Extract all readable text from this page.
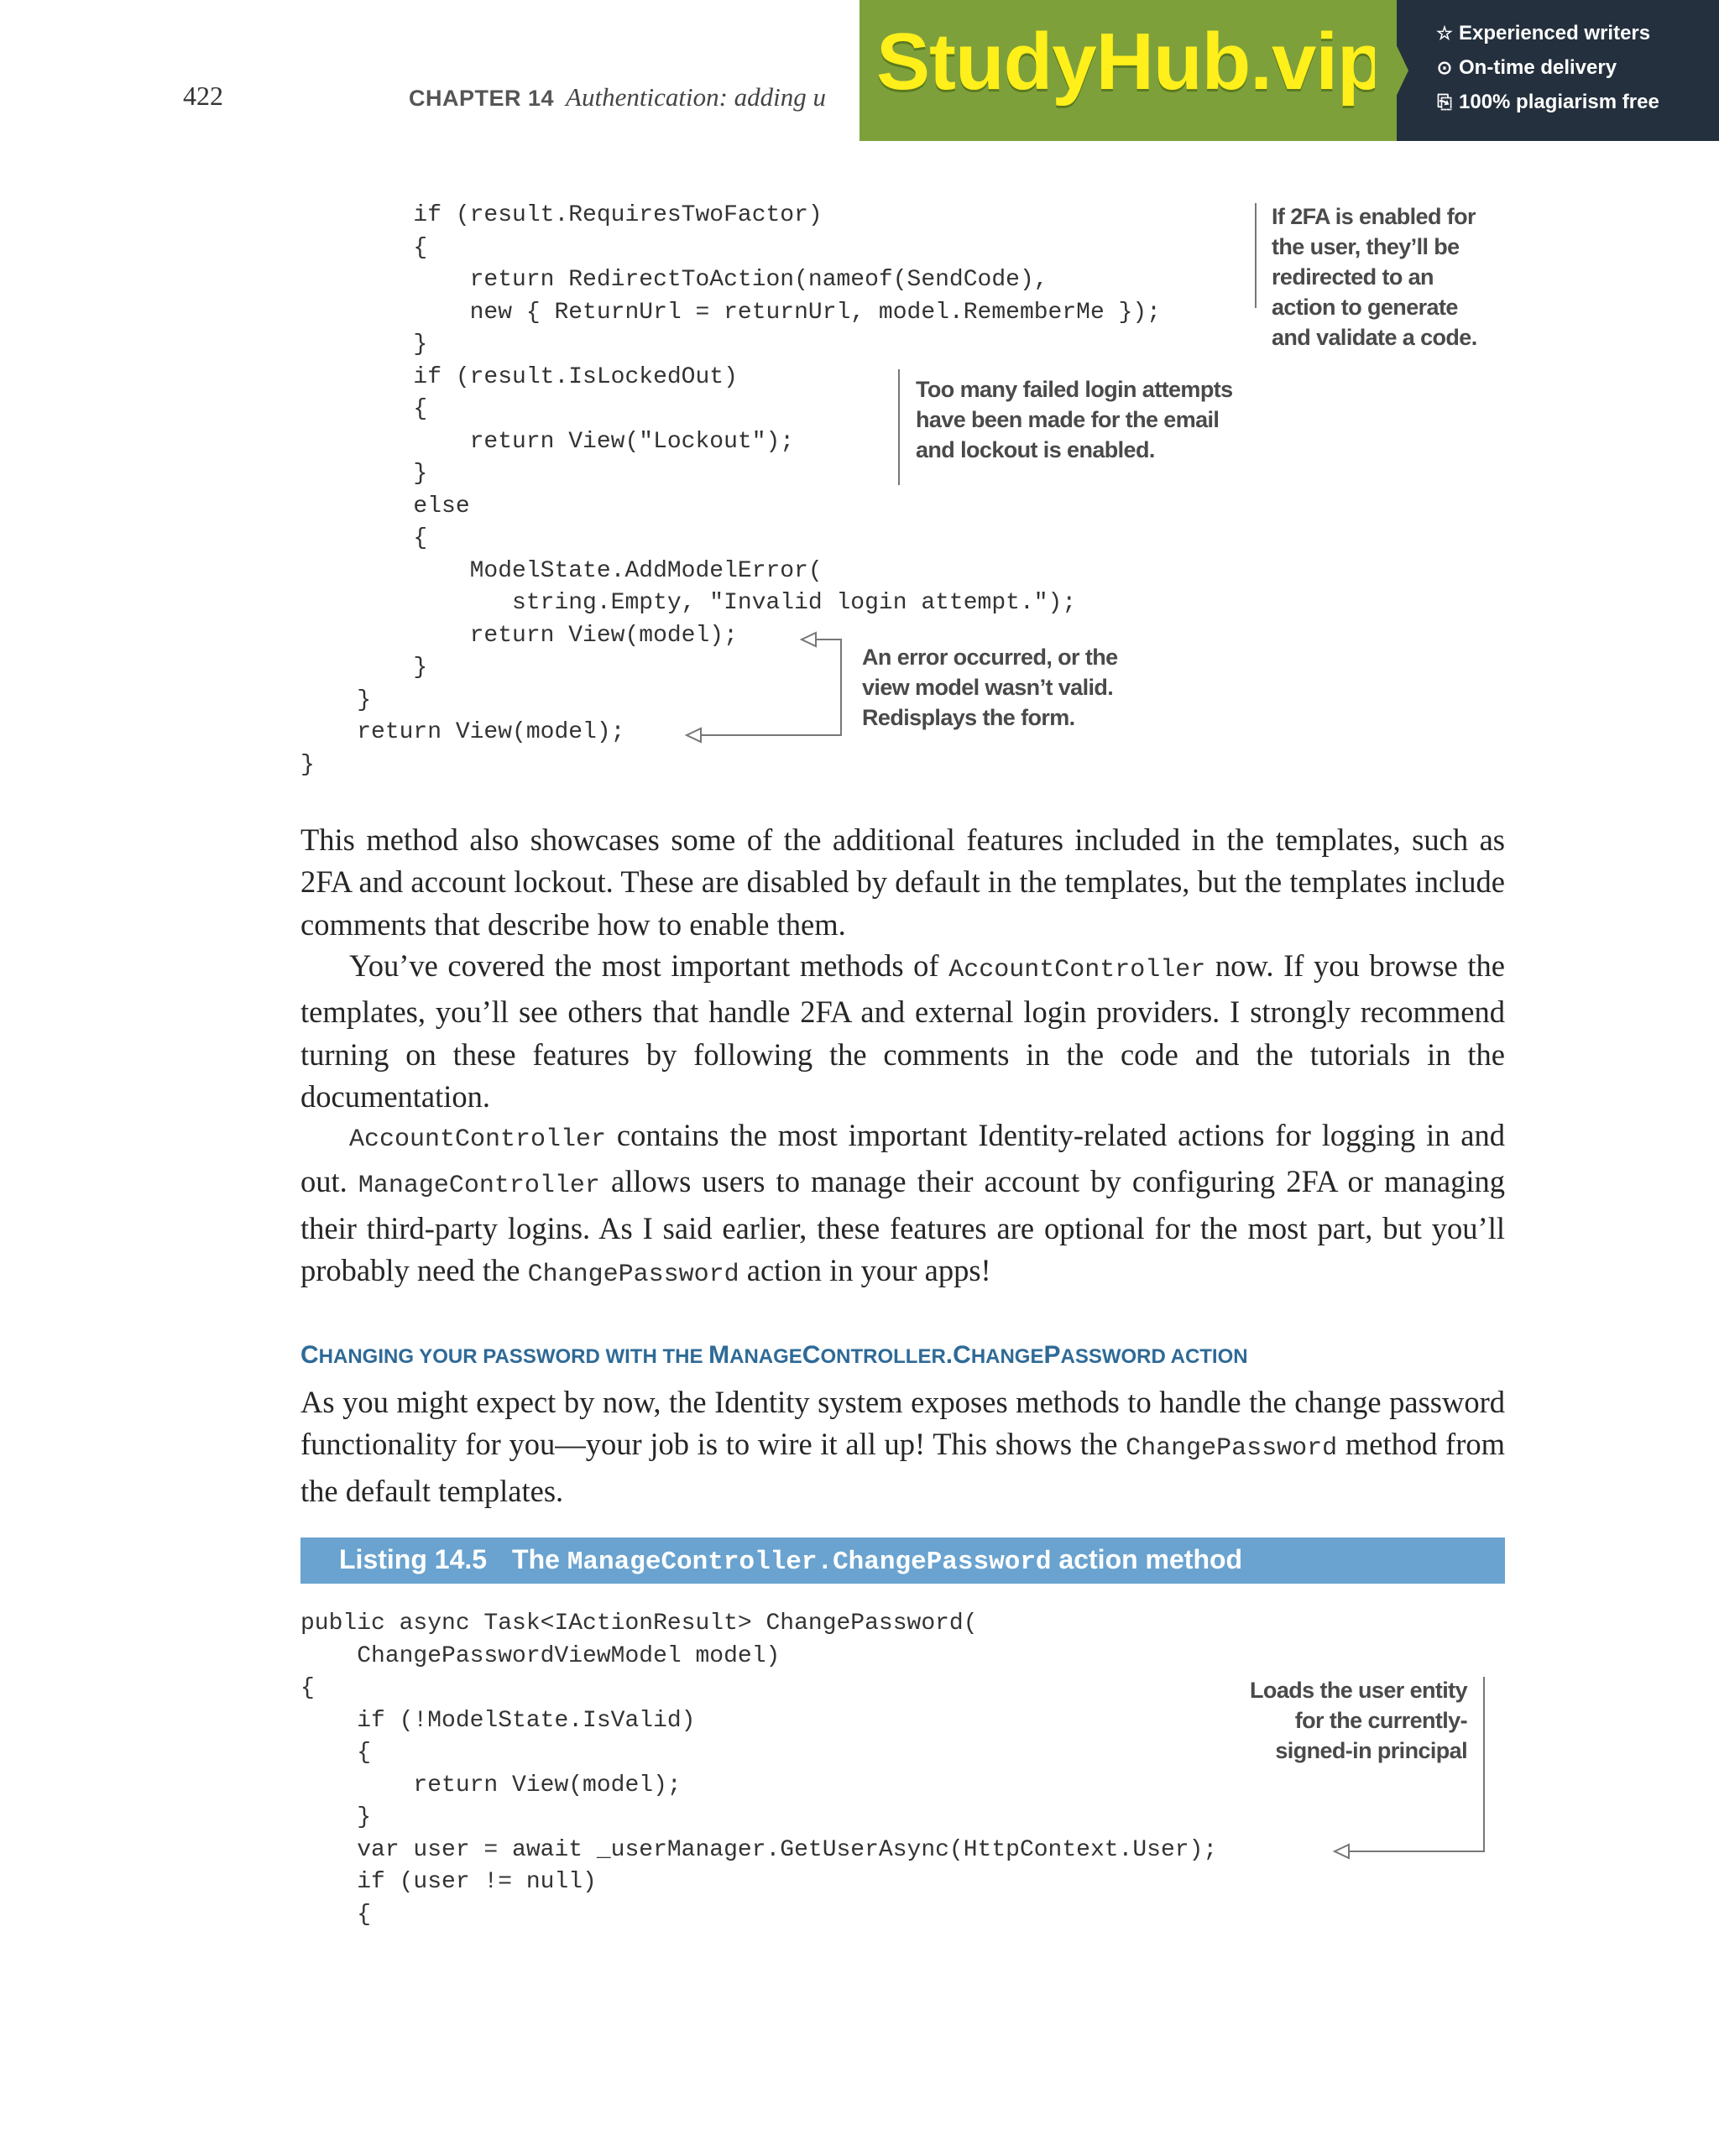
422	CHAPTER 14 Authentication: adding u StudyHub.vip	☆ Experienced writers
⊙ On-time delivery
⎘ 100% plagiarism free
if (result.RequiresTwoFactor)
{
return RedirectToAction(nameof(SendCode),
new { ReturnUrl = returnUrl, model.RememberMe });
}
if (result.IsLockedOut)
{
return View("Lockout");
}
else
{
ModelState.AddModelError(
string.Empty, "Invalid login attempt.");
return View(model);
}
}
return View(model);
}
If 2FA is enabled for
the user, they’ll be
redirected to an
action to generate
and validate a code.
Too many failed login attempts
have been made for the email
and lockout is enabled.
An error occurred, or the
view model wasn’t valid.
Redisplays the form.

This method also showcases some of the additional features included in the templates, such as 2FA and account lockout. These are disabled by default in the templates, but the templates include comments that describe how to enable them.

You’ve covered the most important methods of AccountController now. If you browse the templates, you’ll see others that handle 2FA and external login providers. I strongly recommend turning on these features by following the comments in the code and the tutorials in the documentation.

AccountController contains the most important Identity-related actions for logging in and out. ManageController allows users to manage their account by configuring 2FA or managing their third-party logins. As I said earlier, these features are optional for the most part, but you’ll probably need the ChangePassword action in your apps!

CHANGING YOUR PASSWORD WITH THE MANAGECONTROLLER.CHANGEPASSWORD ACTION

As you might expect by now, the Identity system exposes methods to handle the change password functionality for you—your job is to wire it all up! This shows the ChangePassword method from the default templates.

Listing 14.5 The ManageController.ChangePassword action method
public async Task<IActionResult> ChangePassword(
ChangePasswordViewModel model)
{
if (!ModelState.IsValid)
{
return View(model);
}
var user = await _userManager.GetUserAsync(HttpContext.User);
if (user != null)
{
Loads the user entity
for the currently-
signed-in principal
